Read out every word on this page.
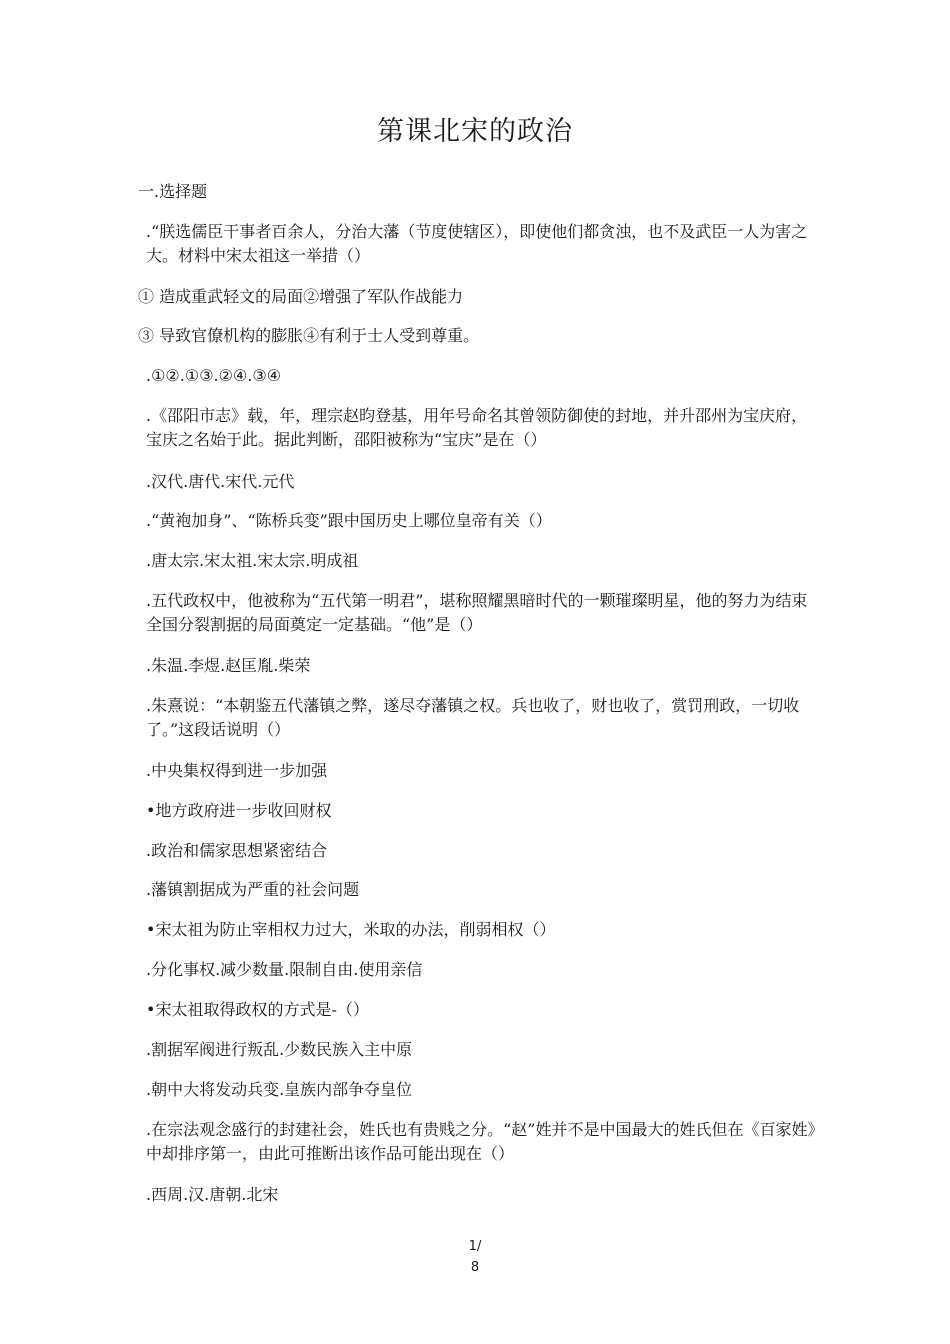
第课北宋的政治
一.选择题
.“朕选儒臣干事者百余人，分治大藩（节度使辖区），即使他们都贪浊，也不及武臣一人为害之大。材料中宋太祖这一举措（）
① 造成重武轻文的局面②增强了军队作战能力
③ 导致官僚机构的膨胀④有利于士人受到尊重。
.①②.①③.②④.③④
.《邵阳市志》载，年，理宗赵昀登基，用年号命名其曾领防御使的封地，并升邵州为宝庆府，宝庆之名始于此。据此判断，邵阳被称为“宝庆”是在（）
.汉代.唐代.宋代.元代
.“黄袍加身”、“陈桥兵变”跟中国历史上哪位皇帝有关（）
.唐太宗.宋太祖.宋太宗.明成祖
.五代政权中，他被称为“五代第一明君”，堪称照耀黑暗时代的一颗璀璨明星，他的努力为结束全国分裂割据的局面奠定一定基础。“他”是（）
.朱温.李煜.赵匡胤.柴荣
.朱熹说：“本朝鉴五代藩镇之弊，遂尽夺藩镇之权。兵也收了，财也收了，赏罚刑政，一切收了。”这段话说明（）
.中央集权得到进一步加强
•地方政府进一步收回财权
.政治和儒家思想紧密结合
.藩镇割据成为严重的社会问题
•宋太祖为防止宰相权力过大，米取的办法，削弱相权（）
.分化事权.减少数量.限制自由.使用亲信
•宋太祖取得政权的方式是-（）
.割据军阀进行叛乱.少数民族入主中原
.朝中大将发动兵变.皇族内部争夺皇位
.在宗法观念盛行的封建社会，姓氏也有贵贱之分。“赵”姓并不是中国最大的姓氏但在《百家姓》中却排序第一，由此可推断出该作品可能出现在（）
.西周.汉.唐朝.北宋
1/
8
